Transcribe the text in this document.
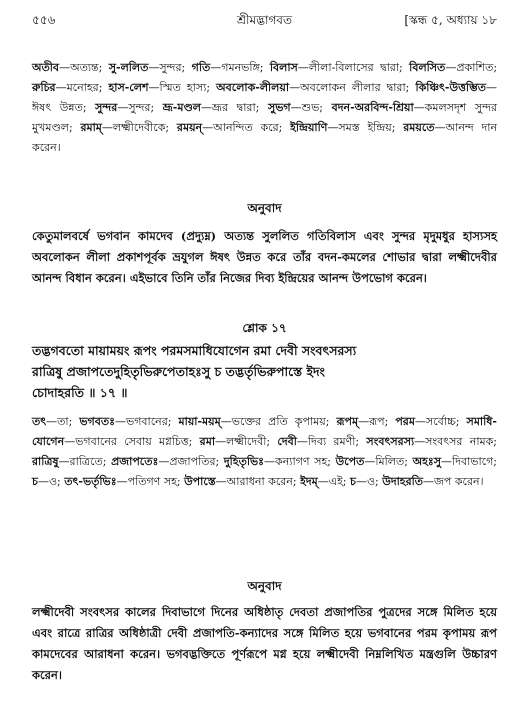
৫৫৬	শ্রীমদ্ভাগবত	[স্কন্ধ ৫, অধ্যায় ১৮
অতীব—অত্যন্ত; সু-ললিত—সুন্দর; গতি—গমনভঙ্গি; বিলাস—লীলা-বিলাসের দ্বারা; বিলসিত—প্রকাশিত; রুচির—মনোহর; হাস-লেশ—স্মিত হাস্য; অবলোক-লীলয়া—অবলোকন লীলার দ্বারা; কিঞ্চিৎ-উত্তম্ভিত—ঈষৎ উন্নত; সুন্দর—সুন্দর; ভ্রূ-মণ্ডল—ভ্রূর দ্বারা; সুভগ—শুভ; বদন-অরবিন্দ-শ্রিয়া—কমলসদৃশ সুন্দর মুখমণ্ডল; রমাম্—লক্ষ্মীদেবীকে; রময়ন্—আনন্দিত করে; ইন্দ্রিয়াণি—সমস্ত ইন্দ্রিয়; রময়তে—আনন্দ দান করেন।
অনুবাদ
কেতুমালবর্ষে ভগবান কামদেব (প্রদ্যুম্ন) অত্যন্ত সুললিত গতিবিলাস এবং সুন্দর মৃদুমধুর হাস্যসহ অবলোকন লীলা প্রকাশপূর্বক ভ্রযুগল ঈষৎ উন্নত করে তাঁর বদন-কমলের শোভার দ্বারা লক্ষ্মীদেবীর আনন্দ বিধান করেন। এইভাবে তিনি তাঁর নিজের দিব্য ইন্দ্রিয়ের আনন্দ উপভোগ করেন।
শ্লোক ১৭
তদ্ভগবতো মায়াময়ং রূপং পরমসমাধিযোগেন রমা দেবী সংবৎসরস্য
রাত্রিষু প্রজাপতেদুহিতৃভিরুপেতাহঃসু চ তদ্ভর্তৃভিরুপাস্তে ইদং
চোদাহরতি ॥ ১৭ ॥
তৎ—তা; ভগবতঃ—ভগবানের; মায়া-ময়ম্—ভক্তের প্রতি কৃপাময়; রূপম্—রূপ; পরম—সর্বোচ্চ; সমাধি-যোগেন—ভগবানের সেবায় মগ্নচিত্ত; রমা—লক্ষ্মীদেবী; দেবী—দিব্য রমণী; সংবৎসরস্য—সংবৎসর নামক; রাত্রিষু—রাত্রিতে; প্রজাপতেঃ—প্রজাপতির; দুহিতৃভিঃ—কন্যাগণ সহ; উপেত—মিলিত; অহঃসু—দিবাভাগে; চ—ও; তৎ-ভর্তৃভিঃ—পতিগণ সহ; উপাস্তে—আরাধনা করেন; ইদম্—এই; চ—ও; উদাহরতি—জপ করেন।
অনুবাদ
লক্ষ্মীদেবী সংবৎসর কালের দিবাভাগে দিনের অধিষ্ঠাতৃ দেবতা প্রজাপতির পুত্রদের সঙ্গে মিলিত হয়ে এবং রাত্রে রাত্রির অধিষ্ঠাত্রী দেবী প্রজাপতি-কন্যাদের সঙ্গে মিলিত হয়ে ভগবানের পরম কৃপাময় রূপ কামদেবের আরাধনা করেন। ভগবদ্ভক্তিতে পূর্ণরূপে মগ্ন হয়ে লক্ষ্মীদেবী নিম্নলিখিত মন্ত্রগুলি উচ্চারণ করেন।
